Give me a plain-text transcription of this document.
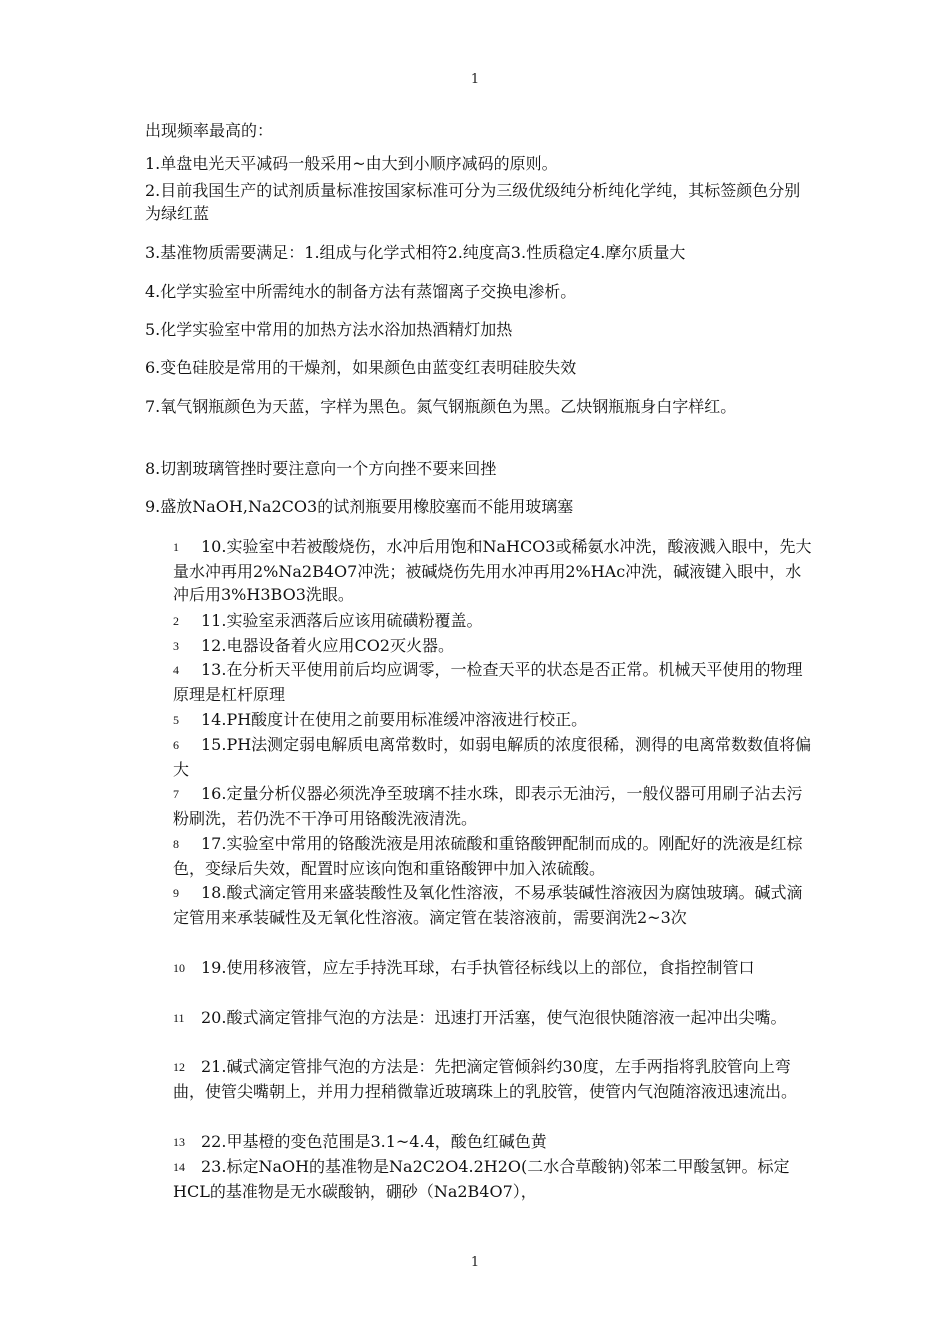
1
出现频率最高的：

1.单盘电光天平减码一般采用~由大到小顺序减码的原则。

2.目前我国生产的试剂质量标准按国家标准可分为三级优级纯分析纯化学纯，其标签颜色分别为绿红蓝

3.基准物质需要满足：1.组成与化学式相符2.纯度高3.性质稳定4.摩尔质量大

4.化学实验室中所需纯水的制备方法有蒸馏离子交换电渗析。

5.化学实验室中常用的加热方法水浴加热酒精灯加热

6.变色硅胶是常用的干燥剂，如果颜色由蓝变红表明硅胶失效

7.氧气钢瓶颜色为天蓝，字样为黑色。氮气钢瓶颜色为黑。乙炔钢瓶瓶身白字样红。

8.切割玻璃管挫时要注意向一个方向挫不要来回挫

9.盛放NaOH,Na2CO3的试剂瓶要用橡胶塞而不能用玻璃塞

1 10.实验室中若被酸烧伤，水冲后用饱和NaHCO3或稀氨水冲洗，酸液溅入眼中，先大量水冲再用2%Na2B4O7冲洗；被碱烧伤先用水冲再用2%HAc冲洗，碱液键入眼中，水冲后用3%H3BO3洗眼。

2 11.实验室汞洒落后应该用硫磺粉覆盖。

3 12.电器设备着火应用CO2灭火器。

4 13.在分析天平使用前后均应调零，一检查天平的状态是否正常。机械天平使用的物理原理是杠杆原理

5 14.PH酸度计在使用之前要用标准缓冲溶液进行校正。

6 15.PH法测定弱电解质电离常数时，如弱电解质的浓度很稀，测得的电离常数数值将偏大

7 16.定量分析仪器必须洗净至玻璃不挂水珠，即表示无油污，一般仪器可用刷子沾去污粉刷洗，若仍洗不干净可用铬酸洗液清洗。

8 17.实验室中常用的铬酸洗液是用浓硫酸和重铬酸钾配制而成的。刚配好的洗液是红棕色，变绿后失效，配置时应该向饱和重铬酸钾中加入浓硫酸。

9 18.酸式滴定管用来盛装酸性及氧化性溶液，不易承装碱性溶液因为腐蚀玻璃。碱式滴定管用来承装碱性及无氧化性溶液。滴定管在装溶液前，需要润洗2~3次

10 19.使用移液管，应左手持洗耳球，右手执管径标线以上的部位，食指控制管口

11 20.酸式滴定管排气泡的方法是：迅速打开活塞，使气泡很快随溶液一起冲出尖嘴。

12 21.碱式滴定管排气泡的方法是：先把滴定管倾斜约30度，左手两指将乳胶管向上弯曲，使管尖嘴朝上，并用力捏稍微靠近玻璃珠上的乳胶管，使管内气泡随溶液迅速流出。

13 22.甲基橙的变色范围是3.1~4.4，酸色红碱色黄

14 23.标定NaOH的基准物是Na2C2O4.2H2O(二水合草酸钠)邻苯二甲酸氢钾。标定HCL的基准物是无水碳酸钠，硼砂（Na2B4O7），

1
